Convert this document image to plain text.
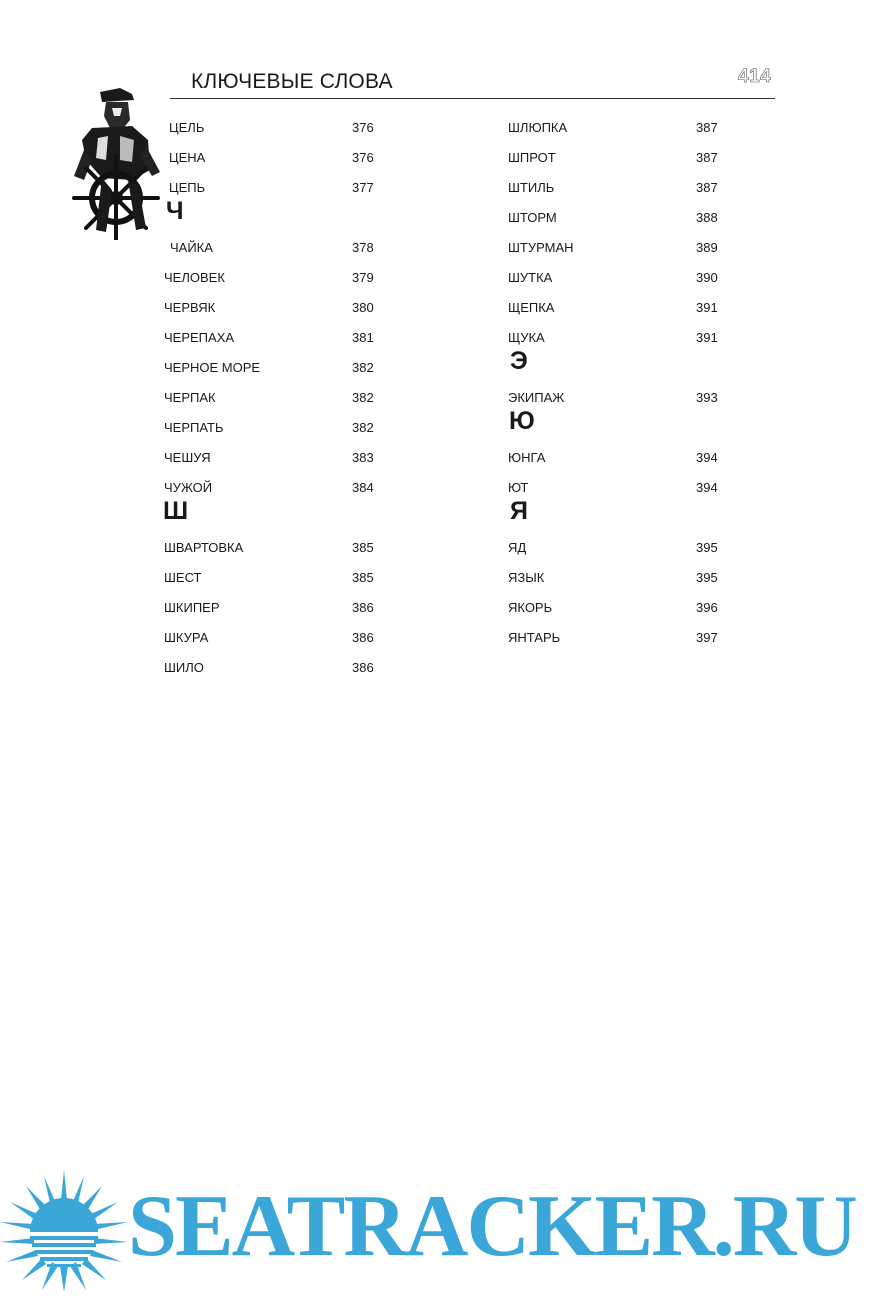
КЛЮЧЕВЫЕ СЛОВА	414
ЦЕЛЬ	376
ЦЕНА	376
ЦЕПЬ	377
Ч
ЧАЙКА	378
ЧЕЛОВЕК	379
ЧЕРВЯК	380
ЧЕРЕПАХА	381
ЧЕРНОЕ МОРЕ	382
ЧЕРПАК	382
ЧЕРПАТЬ	382
ЧЕШУЯ	383
ЧУЖОЙ	384
Ш
ШВАРТОВКА	385
ШЕСТ	385
ШКИПЕР	386
ШКУРА	386
ШИЛО	386
ШЛЮПКА	387
ШПРОТ	387
ШТИЛЬ	387
ШТОРМ	388
ШТУРМАН	389
ШУТКА	390
ЩЕПКА	391
ЩУКА	391
Э
ЭКИПАЖ	393
Ю
ЮНГА	394
ЮТ	394
Я
ЯД	395
ЯЗЫК	395
ЯКОРЬ	396
ЯНТАРЬ	397
SEATRACKER.RU
